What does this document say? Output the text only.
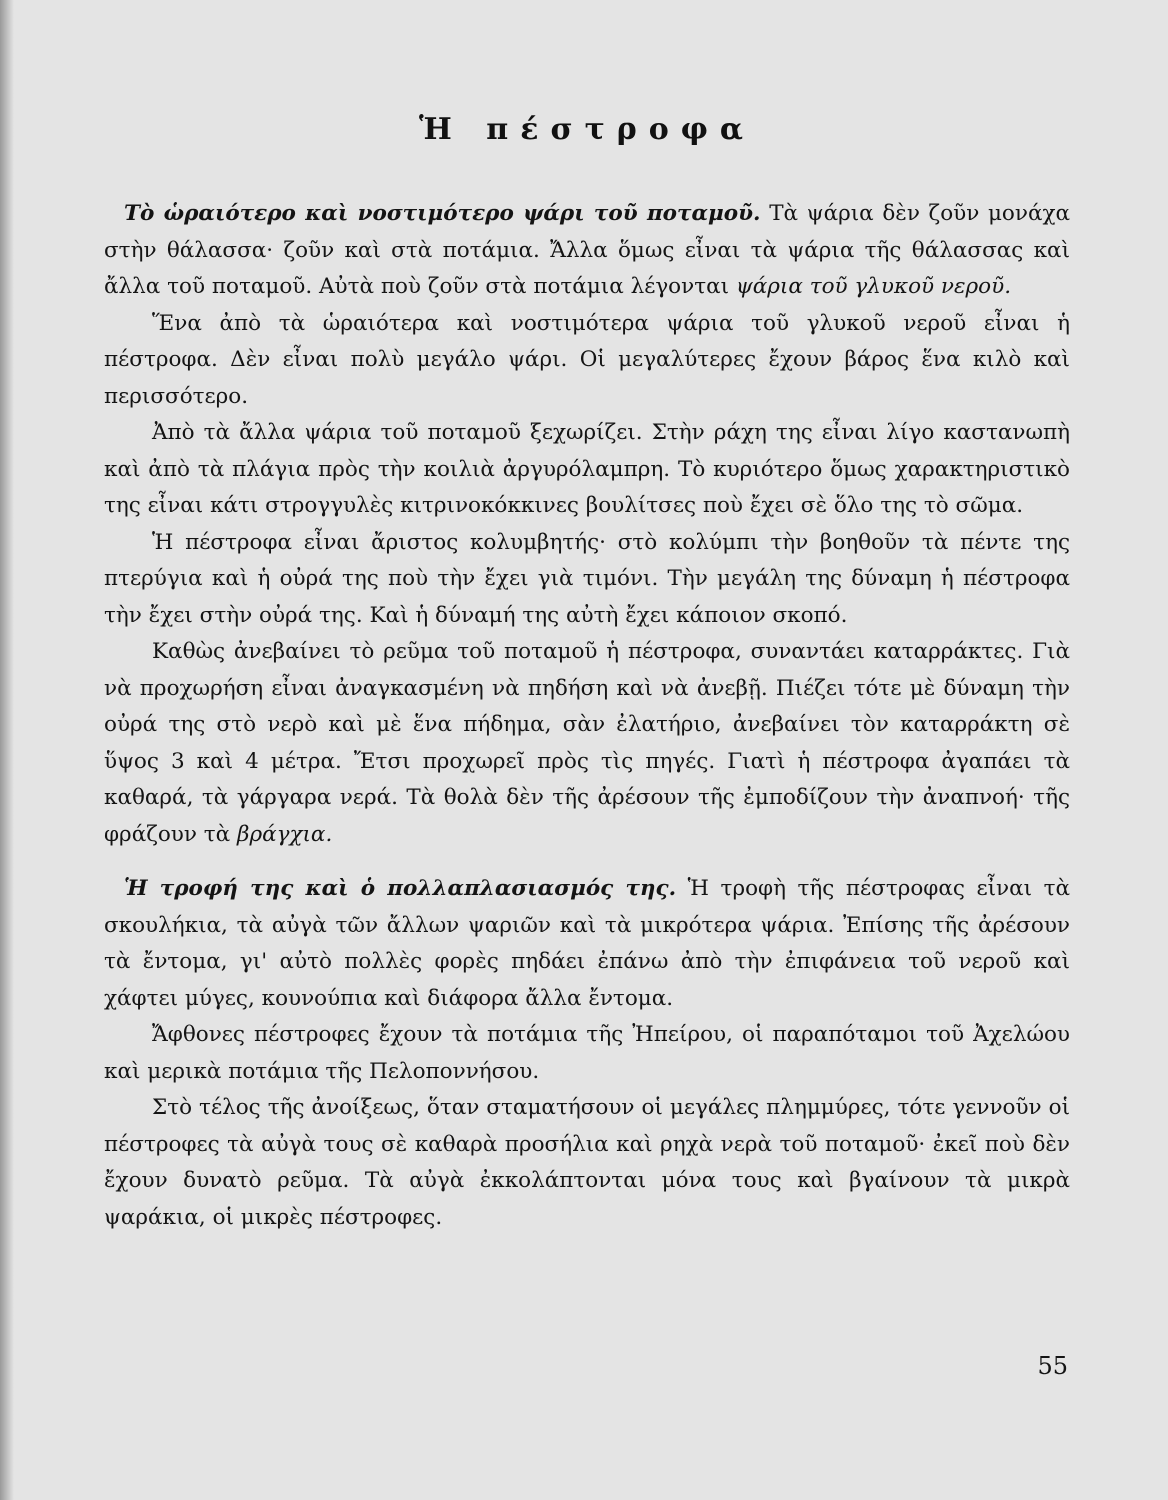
Ἡ πέστροφα

Τὸ ὡραιότερο καὶ νοστιμότερο ψάρι τοῦ ποταμοῦ. Τὰ ψάρια δὲν ζοῦν μονάχα στὴν θάλασσα· ζοῦν καὶ στὰ ποτάμια. Ἄλλα ὅμως εἶναι τὰ ψάρια τῆς θάλασσας καὶ ἄλλα τοῦ ποταμοῦ. Αὐτὰ ποὺ ζοῦν στὰ ποτάμια λέγονται ψάρια τοῦ γλυκοῦ νεροῦ.

Ἕνα ἀπὸ τὰ ὡραιότερα καὶ νοστιμότερα ψάρια τοῦ γλυκοῦ νεροῦ εἶναι ἡ πέστροφα. Δὲν εἶναι πολὺ μεγάλο ψάρι. Οἱ μεγαλύτερες ἔχουν βάρος ἕνα κιλὸ καὶ περισσότερο.

Ἀπὸ τὰ ἄλλα ψάρια τοῦ ποταμοῦ ξεχωρίζει. Στὴν ράχη της εἶναι λίγο καστανωπὴ καὶ ἀπὸ τὰ πλάγια πρὸς τὴν κοιλιὰ ἀργυρόλαμπρη. Τὸ κυριότερο ὅμως χαρακτηριστικὸ της εἶναι κάτι στρογγυλὲς κιτρινοκόκκινες βουλίτσες ποὺ ἔχει σὲ ὅλο της τὸ σῶμα.

Ἡ πέστροφα εἶναι ἄριστος κολυμβητής· στὸ κολύμπι τὴν βοηθοῦν τὰ πέντε της πτερύγια καὶ ἡ οὐρά της ποὺ τὴν ἔχει γιὰ τιμόνι. Τὴν μεγάλη της δύναμη ἡ πέστροφα τὴν ἔχει στὴν οὐρά της. Καὶ ἡ δύναμή της αὐτὴ ἔχει κάποιον σκοπό.

Καθὼς ἀνεβαίνει τὸ ρεῦμα τοῦ ποταμοῦ ἡ πέστροφα, συναντάει καταρράκτες. Γιὰ νὰ προχωρήση εἶναι ἀναγκασμένη νὰ πηδήση καὶ νὰ ἀνεβῇ. Πιέζει τότε μὲ δύναμη τὴν οὐρά της στὸ νερὸ καὶ μὲ ἕνα πήδημα, σὰν ἐλατήριο, ἀνεβαίνει τὸν καταρράκτη σὲ ὕψος 3 καὶ 4 μέτρα. Ἔτσι προχωρεῖ πρὸς τὶς πηγές. Γιατὶ ἡ πέστροφα ἀγαπάει τὰ καθαρά, τὰ γάργαρα νερά. Τὰ θολὰ δὲν τῆς ἀρέσουν τῆς ἐμποδίζουν τὴν ἀναπνοή· τῆς φράζουν τὰ βράγχια.

Ἡ τροφή της καὶ ὁ πολλαπλασιασμός της. Ἡ τροφὴ τῆς πέστροφας εἶναι τὰ σκουλήκια, τὰ αὐγὰ τῶν ἄλλων ψαριῶν καὶ τὰ μικρότερα ψάρια. Ἐπίσης τῆς ἀρέσουν τὰ ἔντομα, γι' αὐτὸ πολλὲς φορὲς πηδάει ἐπάνω ἀπὸ τὴν ἐπιφάνεια τοῦ νεροῦ καὶ χάφτει μύγες, κουνούπια καὶ διάφορα ἄλλα ἔντομα.

Ἄφθονες πέστροφες ἔχουν τὰ ποτάμια τῆς Ἠπείρου, οἱ παραπόταμοι τοῦ Ἀχελώου καὶ μερικὰ ποτάμια τῆς Πελοποννήσου.

Στὸ τέλος τῆς ἀνοίξεως, ὅταν σταματήσουν οἱ μεγάλες πλημμύρες, τότε γεννοῦν οἱ πέστροφες τὰ αὐγὰ τους σὲ καθαρὰ προσήλια καὶ ρηχὰ νερὰ τοῦ ποταμοῦ· ἐκεῖ ποὺ δὲν ἔχουν δυνατὸ ρεῦμα. Τὰ αὐγὰ ἐκκολάπτονται μόνα τους καὶ βγαίνουν τὰ μικρὰ ψαράκια, οἱ μικρὲς πέστροφες.

55
